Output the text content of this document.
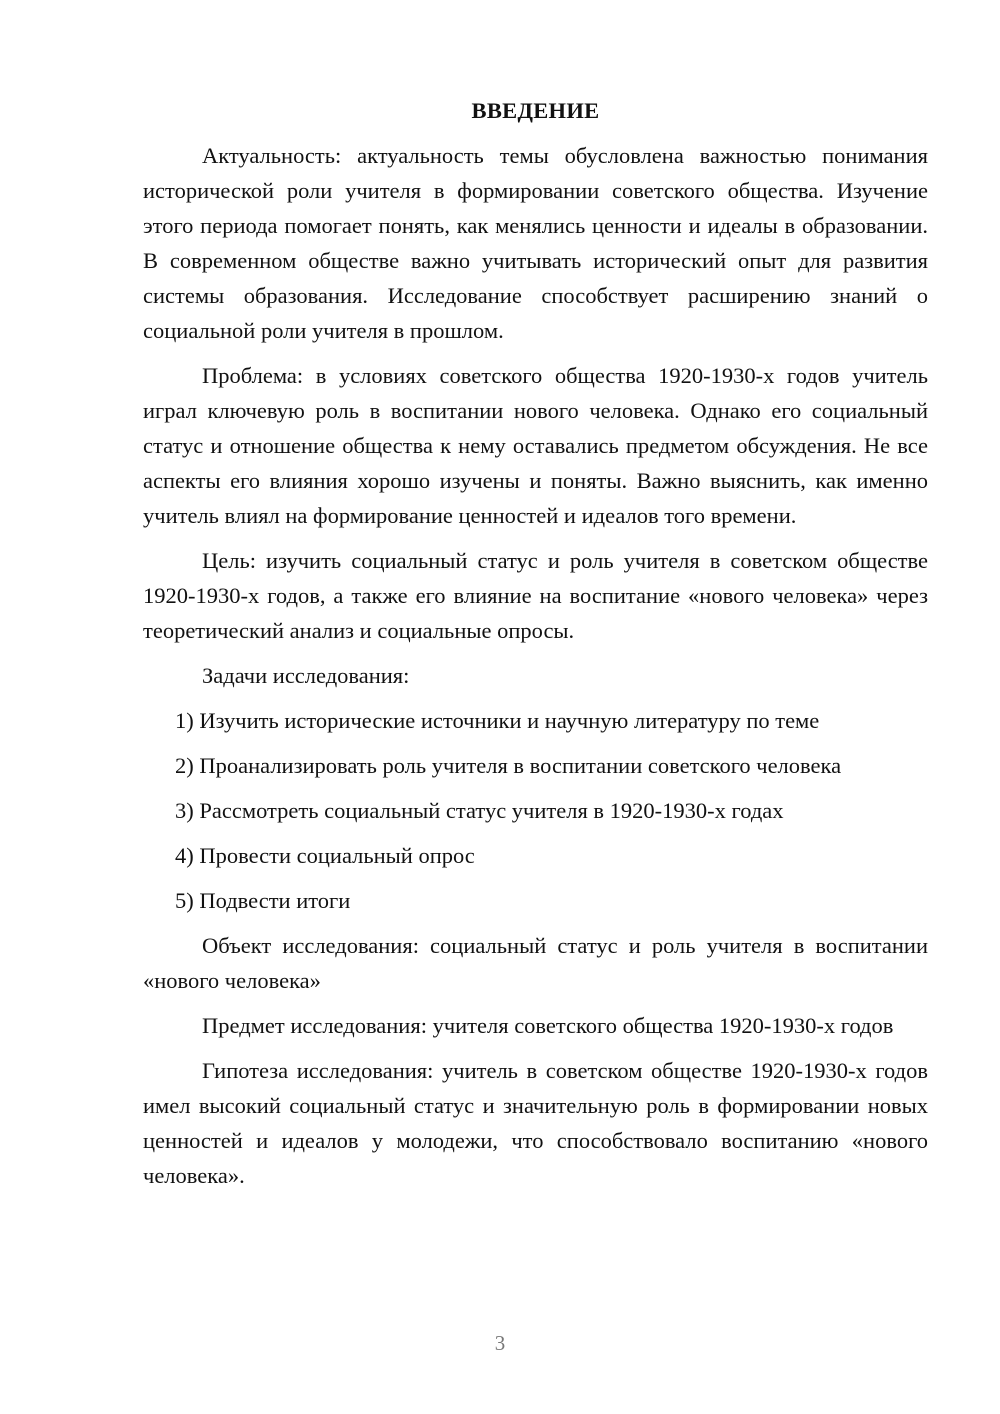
ВВЕДЕНИЕ

Актуальность: актуальность темы обусловлена важностью понимания исторической роли учителя в формировании советского общества. Изучение этого периода помогает понять, как менялись ценности и идеалы в образовании. В современном обществе важно учитывать исторический опыт для развития системы образования. Исследование способствует расширению знаний о социальной роли учителя в прошлом.

Проблема: в условиях советского общества 1920-1930-х годов учитель играл ключевую роль в воспитании нового человека. Однако его социальный статус и отношение общества к нему оставались предметом обсуждения. Не все аспекты его влияния хорошо изучены и поняты. Важно выяснить, как именно учитель влиял на формирование ценностей и идеалов того времени.

Цель: изучить социальный статус и роль учителя в советском обществе 1920-1930-х годов, а также его влияние на воспитание «нового человека» через теоретический анализ и социальные опросы.

Задачи исследования:

1) Изучить исторические источники и научную литературу по теме
2) Проанализировать роль учителя в воспитании советского человека
3) Рассмотреть социальный статус учителя в 1920-1930-х годах
4) Провести социальный опрос
5) Подвести итоги

Объект исследования: социальный статус и роль учителя в воспитании «нового человека»

Предмет исследования: учителя советского общества 1920-1930-х годов

Гипотеза исследования: учитель в советском обществе 1920-1930-х годов имел высокий социальный статус и значительную роль в формировании новых ценностей и идеалов у молодежи, что способствовало воспитанию «нового человека».

3
